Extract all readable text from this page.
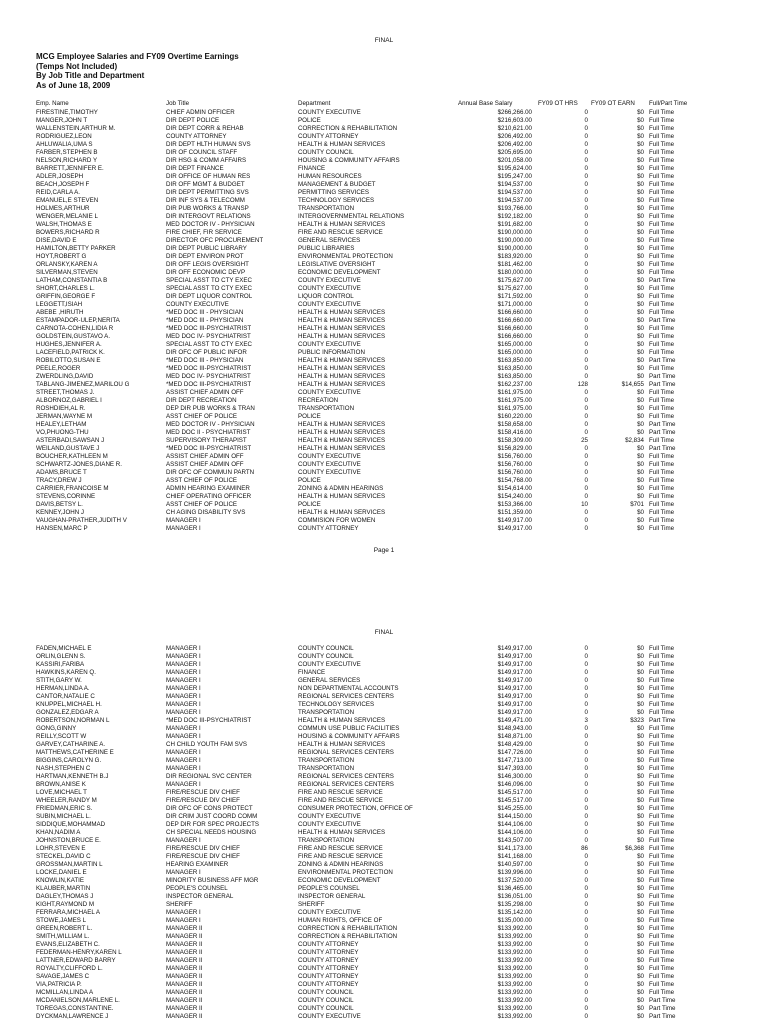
FINAL
MCG Employee Salaries and FY09 Overtime Earnings
(Temps Not Included)
By Job Title and Department
As of June 18, 2009
Emp. Name	Job Title	Department	Annual Base Salary	FY09 OT HRS FY09 OT EARN Full/Part Time
FIRESTINE,TIMOTHY	CHIEF ADMIN OFFICER	COUNTY EXECUTIVE	$266,266.00	0	$0 Full Time
MANGER,JOHN T	DIR DEPT POLICE	POLICE	$216,603.00	0	$0 Full Time
WALLENSTEIN,ARTHUR M.	DIR DEPT CORR & REHAB	CORRECTION & REHABILITATION	$210,621.00	0	$0 Full Time
RODRIGUEZ,LEON	COUNTY ATTORNEY	COUNTY ATTORNEY	$206,492.00	0	$0 Full Time
AHLUWALIA,UMA S	DIR DEPT HLTH HUMAN SVS	HEALTH & HUMAN SERVICES	$206,492.00	0	$0 Full Time
FARBER,STEPHEN B	DIR OF COUNCIL STAFF	COUNTY COUNCIL	$205,695.00	0	$0 Full Time
NELSON,RICHARD Y	DIR HSG & COMM AFFAIRS	HOUSING & COMMUNITY AFFAIRS	$201,058.00	0	$0 Full Time
BARRETT,JENNIFER E.	DIR DEPT FINANCE	FINANCE	$195,624.00	0	$0 Full Time
ADLER,JOSEPH	DIR OFFICE OF HUMAN RES	HUMAN RESOURCES	$195,247.00	0	$0 Full Time
BEACH,JOSEPH F	DIR OFF MGMT & BUDGET	MANAGEMENT & BUDGET	$194,537.00	0	$0 Full Time
REID,CARLA A.	DIR DEPT PERMITTING SVS	PERMITTING SERVICES	$194,537.00	0	$0 Full Time
EMANUEL,E STEVEN	DIR INF SYS & TELECOMM	TECHNOLOGY SERVICES	$194,537.00	0	$0 Full Time
HOLMES,ARTHUR	DIR PUB WORKS & TRANSP	TRANSPORTATION	$193,766.00	0	$0 Full Time
WENGER,MELANIE L	DIR INTERGOVT RELATIONS	INTERGOVERNMENTAL RELATIONS	$192,182.00	0	$0 Full Time
WALSH,THOMAS E	MED DOCTOR IV - PHYSICIAN	HEALTH & HUMAN SERVICES	$191,682.00	0	$0 Full Time
BOWERS,RICHARD R	FIRE CHIEF, FIR SERVICE	FIRE AND RESCUE SERVICE	$190,000.00	0	$0 Full Time
DISE,DAVID E	DIRECTOR OFC PROCUREMENT	GENERAL SERVICES	$190,000.00	0	$0 Full Time
HAMILTON,BETTY PARKER	DIR DEPT PUBLIC LIBRARY	PUBLIC LIBRARIES	$190,000.00	0	$0 Full Time
HOYT,ROBERT G	DIR DEPT ENVIRON PROT	ENVIRONMENTAL PROTECTION	$183,920.00	0	$0 Full Time
ORLANSKY,KAREN A	DIR OFF LEGIS OVERSIGHT	LEGISLATIVE OVERSIGHT	$181,462.00	0	$0 Full Time
SILVERMAN,STEVEN	DIR OFF ECONOMIC DEVP	ECONOMIC DEVELOPMENT	$180,000.00	0	$0 Full Time
LATHAM,CONSTANTIA B	SPECIAL ASST TO CTY EXEC	COUNTY EXECUTIVE	$175,627.00	0	$0 Part Time
SHORT,CHARLES L.	SPECIAL ASST TO CTY EXEC	COUNTY EXECUTIVE	$175,627.00	0	$0 Full Time
GRIFFIN,GEORGE F	DIR DEPT LIQUOR CONTROL	LIQUOR CONTROL	$171,592.00	0	$0 Full Time
LEGGETT,ISIAH	COUNTY EXECUTIVE	COUNTY EXECUTIVE	$171,000.00	0	$0 Full Time
ABEBE ,HIRUTH	*MED DOC III - PHYSICIAN	HEALTH & HUMAN SERVICES	$166,660.00	0	$0 Full Time
ESTAMPADOR-ULEP,NERITA	*MED DOC III - PHYSICIAN	HEALTH & HUMAN SERVICES	$166,660.00	0	$0 Part Time
CARNOTA-COHEN,LIDIA R	*MED DOC III-PSYCHIATRIST	HEALTH & HUMAN SERVICES	$166,660.00	0	$0 Full Time
GOLDSTEIN,GUSTAVO A.	MED DOC IV- PSYCHIATRIST	HEALTH & HUMAN SERVICES	$166,660.00	0	$0 Full Time
HUGHES,JENNIFER A.	SPECIAL ASST TO CTY EXEC	COUNTY EXECUTIVE	$165,000.00	0	$0 Full Time
LACEFIELD,PATRICK K.	DIR OFC OF PUBLIC INFOR	PUBLIC INFORMATION	$165,000.00	0	$0 Full Time
ROBILOTTO,SUSAN E	*MED DOC III - PHYSICIAN	HEALTH & HUMAN SERVICES	$163,850.00	0	$0 Part Time
PEELE,ROGER	*MED DOC III-PSYCHIATRIST	HEALTH & HUMAN SERVICES	$163,850.00	0	$0 Full Time
ZWERDLING,DAVID	MED DOC IV- PSYCHIATRIST	HEALTH & HUMAN SERVICES	$163,850.00	0	$0 Part Time
TABLANG-JIMENEZ,MARILOU G	*MED DOC III-PSYCHIATRIST	HEALTH & HUMAN SERVICES	$162,237.00	128	$14,655 Part Time
STREET,THOMAS J.	ASSIST CHIEF ADMIN OFF	COUNTY EXECUTIVE	$161,975.00	0	$0 Full Time
ALBORNOZ,GABRIEL I	DIR DEPT RECREATION	RECREATION	$161,975.00	0	$0 Full Time
ROSHDIEH,AL R.	DEP DIR PUB WORKS & TRAN	TRANSPORTATION	$161,975.00	0	$0 Full Time
JERMAN,WAYNE M	ASST CHIEF OF POLICE	POLICE	$160,220.00	0	$0 Full Time
HEALEY,LETHAM	MED DOCTOR IV - PHYSICIAN	HEALTH & HUMAN SERVICES	$158,658.00	0	$0 Part Time
VO,PHUONG-THU	MED DOC II - PSYCHIATRIST	HEALTH & HUMAN SERVICES	$158,416.00	0	$0 Part Time
ASTERBADI,SAWSAN J	SUPERVISORY THERAPIST	HEALTH & HUMAN SERVICES	$158,309.00	25	$2,834 Full Time
WEILAND,GUSTAVE J	*MED DOC III-PSYCHIATRIST	HEALTH & HUMAN SERVICES	$156,829.00	0	$0 Part Time
BOUCHER,KATHLEEN M	ASSIST CHIEF ADMIN OFF	COUNTY EXECUTIVE	$156,760.00	0	$0 Full Time
SCHWARTZ-JONES,DIANE R.	ASSIST CHIEF ADMIN OFF	COUNTY EXECUTIVE	$156,760.00	0	$0 Full Time
ADAMS,BRUCE T	DIR OFC OF COMMUN PARTN	COUNTY EXECUTIVE	$156,760.00	0	$0 Full Time
TRACY,DREW J	ASST CHIEF OF POLICE	POLICE	$154,768.00	0	$0 Full Time
CARRIER,FRANCOISE M	ADMIN HEARING EXAMINER	ZONING & ADMIN HEARINGS	$154,614.00	0	$0 Full Time
STEVENS,CORINNE	CHIEF OPERATING OFFICER	HEALTH & HUMAN SERVICES	$154,240.00	0	$0 Full Time
DAVIS,BETSY L.	ASST CHIEF OF POLICE	POLICE	$153,366.00	10	$701 Full Time
KENNEY,JOHN J	CH AGING DISABILITY SVS	HEALTH & HUMAN SERVICES	$151,359.00	0	$0 Full Time
VAUGHAN-PRATHER,JUDITH V	MANAGER I	COMMISION FOR WOMEN	$149,917.00	0	$0 Full Time
HANSEN,MARC P	MANAGER I	COUNTY ATTORNEY	$149,917.00	0	$0 Full Time
Page 1
FINAL
FADEN,MICHAEL E	MANAGER I	COUNTY COUNCIL	$149,917.00	0	$0 Full Time
ORLIN,GLENN S.	MANAGER I	COUNTY COUNCIL	$149,917.00	0	$0 Full Time
KASSIRI,FARIBA	MANAGER I	COUNTY EXECUTIVE	$149,917.00	0	$0 Full Time
HAWKINS,KAREN Q.	MANAGER I	FINANCE	$149,917.00	0	$0 Full Time
STITH,GARY W.	MANAGER I	GENERAL SERVICES	$149,917.00	0	$0 Full Time
HERMAN,LINDA A.	MANAGER I	NON DEPARTMENTAL ACCOUNTS	$149,917.00	0	$0 Full Time
CANTOR,NATALIE C	MANAGER I	REGIONAL SERVICES CENTERS	$149,917.00	0	$0 Full Time
KNUPPEL,MICHAEL H.	MANAGER I	TECHNOLOGY SERVICES	$149,917.00	0	$0 Full Time
GONZALEZ,EDGAR A	MANAGER I	TRANSPORTATION	$149,917.00	0	$0 Full Time
ROBERTSON,NORMAN L	*MED DOC III-PSYCHIATRIST	HEALTH & HUMAN SERVICES	$149,471.00	3	$323 Part Time
GONG,GINNY	MANAGER I	COMMUN USE PUBLIC FACILITIES	$148,943.00	0	$0 Full Time
REILLY,SCOTT W	MANAGER I	HOUSING & COMMUNITY AFFAIRS	$148,871.00	0	$0 Full Time
GARVEY,CATHARINE A.	CH CHILD YOUTH FAM SVS	HEALTH & HUMAN SERVICES	$148,429.00	0	$0 Full Time
MATTHEWS,CATHERINE E	MANAGER I	REGIONAL SERVICES CENTERS	$147,726.00	0	$0 Full Time
BIGGINS,CAROLYN G.	MANAGER I	TRANSPORTATION	$147,713.00	0	$0 Full Time
NASH,STEPHEN C	MANAGER I	TRANSPORTATION	$147,393.00	0	$0 Full Time
HARTMAN,KENNETH B.J	DIR REGIONAL SVC CENTER	REGIONAL SERVICES CENTERS	$146,300.00	0	$0 Full Time
BROWN,ANISE K	MANAGER I	REGIONAL SERVICES CENTERS	$146,096.00	0	$0 Full Time
LOVE,MICHAEL T	FIRE/RESCUE DIV CHIEF	FIRE AND RESCUE SERVICE	$145,517.00	0	$0 Full Time
WHEELER,RANDY M	FIRE/RESCUE DIV CHIEF	FIRE AND RESCUE SERVICE	$145,517.00	0	$0 Full Time
FRIEDMAN,ERIC S.	DIR OFC OF CONS PROTECT	CONSUMER PROTECTION, OFFICE OF	$145,255.00	0	$0 Full Time
SUBIN,MICHAEL L.	DIR CRIM JUST COORD COMM	COUNTY EXECUTIVE	$144,150.00	0	$0 Full Time
SIDDIQUE,MOHAMMAD	DEP DIR FOR SPEC PROJECTS	COUNTY EXECUTIVE	$144,106.00	0	$0 Full Time
KHAN,NADIM A	CH SPECIAL NEEDS HOUSING	HEALTH & HUMAN SERVICES	$144,106.00	0	$0 Full Time
JOHNSTON,BRUCE E.	MANAGER I	TRANSPORTATION	$143,507.00	0	$0 Full Time
LOHR,STEVEN E	FIRE/RESCUE DIV CHIEF	FIRE AND RESCUE SERVICE	$141,173.00	86	$6,368 Full Time
STECKEL,DAVID C	FIRE/RESCUE DIV CHIEF	FIRE AND RESCUE SERVICE	$141,168.00	0	$0 Full Time
GROSSMAN,MARTIN L	HEARING EXAMINER	ZONING & ADMIN HEARINGS	$140,597.00	0	$0 Full Time
LOCKE,DANIEL E	MANAGER I	ENVIRONMENTAL PROTECTION	$139,996.00	0	$0 Full Time
KNOWLIN,KATIE	MINORITY BUSINESS AFF MGR	ECONOMIC DEVELOPMENT	$137,520.00	0	$0 Full Time
KLAUBER,MARTIN	PEOPLE'S COUNSEL	PEOPLE'S COUNSEL	$136,465.00	0	$0 Full Time
DAGLEY,THOMAS J	INSPECTOR GENERAL	INSPECTOR GENERAL	$136,051.00	0	$0 Full Time
KIGHT,RAYMOND M	SHERIFF	SHERIFF	$135,298.00	0	$0 Full Time
FERRARA,MICHAEL A	MANAGER I	COUNTY EXECUTIVE	$135,142.00	0	$0 Full Time
STOWE,JAMES L	MANAGER I	HUMAN RIGHTS, OFFICE OF	$135,000.00	0	$0 Full Time
GREEN,ROBERT L.	MANAGER II	CORRECTION & REHABILITATION	$133,992.00	0	$0 Full Time
SMITH,WILLIAM L.	MANAGER II	CORRECTION & REHABILITATION	$133,992.00	0	$0 Full Time
EVANS,ELIZABETH C.	MANAGER II	COUNTY ATTORNEY	$133,992.00	0	$0 Full Time
FEDERMAN-HENRY,KAREN L	MANAGER II	COUNTY ATTORNEY	$133,992.00	0	$0 Full Time
LATTNER,EDWARD BARRY	MANAGER II	COUNTY ATTORNEY	$133,992.00	0	$0 Full Time
ROYALTY,CLIFFORD L.	MANAGER II	COUNTY ATTORNEY	$133,992.00	0	$0 Full Time
SAVAGE,JAMES C	MANAGER II	COUNTY ATTORNEY	$133,992.00	0	$0 Full Time
VIA,PATRICIA P.	MANAGER II	COUNTY ATTORNEY	$133,992.00	0	$0 Full Time
MCMILLAN,LINDA A	MANAGER II	COUNTY COUNCIL	$133,992.00	0	$0 Full Time
MCDANIELSON,MARLENE L.	MANAGER II	COUNTY COUNCIL	$133,992.00	0	$0 Part Time
TOREGAS,CONSTANTINE.	MANAGER II	COUNTY COUNCIL	$133,992.00	0	$0 Part Time
DYCKMAN,LAWRENCE J	MANAGER II	COUNTY EXECUTIVE	$133,992.00	0	$0 Part Time
